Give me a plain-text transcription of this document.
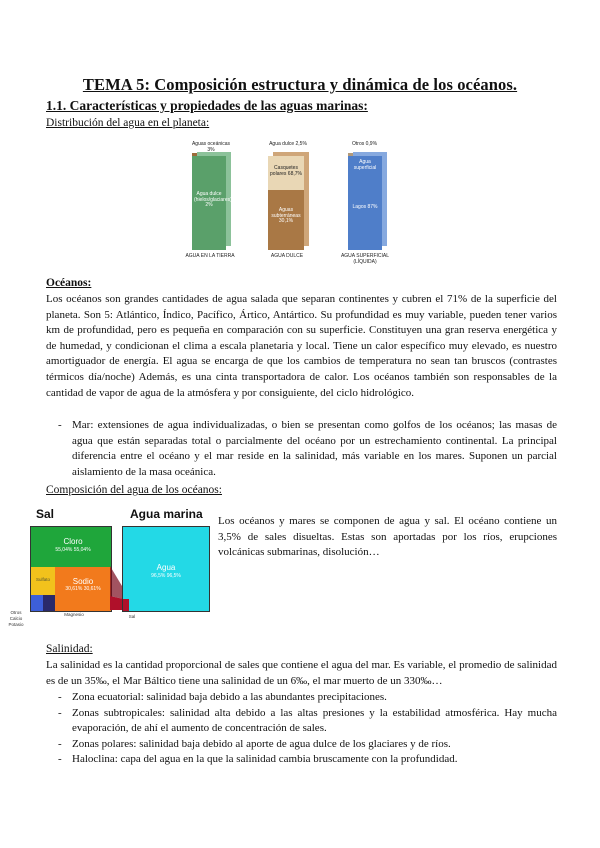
TEMA 5: Composición estructura y dinámica de los océanos.
1.1. Características y propiedades de las aguas marinas:
Distribución del agua en el planeta:
Aguas oceánicas 3%
Agua dulce (hielos/glaciares) 2%
AGUA EN LA TIERRA
Agua dulce 2,5%
Casquetes polares 68,7%
Aguas subterráneas 30,1%
AGUA DULCE
Otros 0,9%
Agua superficial
Lagos 87%
AGUA SUPERFICIAL (LÍQUIDA)
Océanos:

Los océanos son grandes cantidades de agua salada que separan continentes y cubren el 71% de la superficie del planeta. Son 5: Atlántico, Índico, Pacífico, Ártico, Antártico. Su profundidad es muy variable, pueden tener varios km de profundidad, pero es pequeña en comparación con su superficie. Constituyen una gran reserva energética y de humedad, y condicionan el clima a escala planetaria y local. Tiene un calor específico muy elevado, es nuestro amortiguador de energía. El agua se encarga de que los cambios de temperatura no sean tan bruscos (contrastes térmicos día/noche) Además, es una cinta transportadora de calor. Los océanos también son responsables de la cantidad de vapor de agua de la atmósfera y por consiguiente, del ciclo hidrológico.

- Mar: extensiones de agua individualizadas, o bien se presentan como golfos de los océanos; las masas de agua que están separadas total o parcialmente del océano por un estrechamiento continental. La principal diferencia entre el océano y el mar reside en la salinidad, más variable en los mares. Suponen un parcial aislamiento de la masa oceánica.
Composición del agua de los océanos:
Sal	Agua marina
Cloro
55,04% 55,04%
Sulfato	Sodio
30,61% 30,61%
Agua
96,5% 96,5%
Otros
Calcio
Potasio
Magnesio	Sal

Los océanos y mares se componen de agua y sal. El océano contiene un 3,5% de sales disueltas. Estas son aportadas por los ríos, erupciones volcánicas submarinas, disolución…

Salinidad:

La salinidad es la cantidad proporcional de sales que contiene el agua del mar. Es variable, el promedio de salinidad es de un 35‰, el Mar Báltico tiene una salinidad de un 6‰, el mar muerto de un 330‰…

- Zona ecuatorial: salinidad baja debido a las abundantes precipitaciones.
- Zonas subtropicales: salinidad alta debido a las altas presiones y la estabilidad atmosférica. Hay mucha evaporación, de ahí el aumento de concentración de sales.
- Zonas polares: salinidad baja debido al aporte de agua dulce de los glaciares y de ríos.
- Haloclina: capa del agua en la que la salinidad cambia bruscamente con la profundidad.
